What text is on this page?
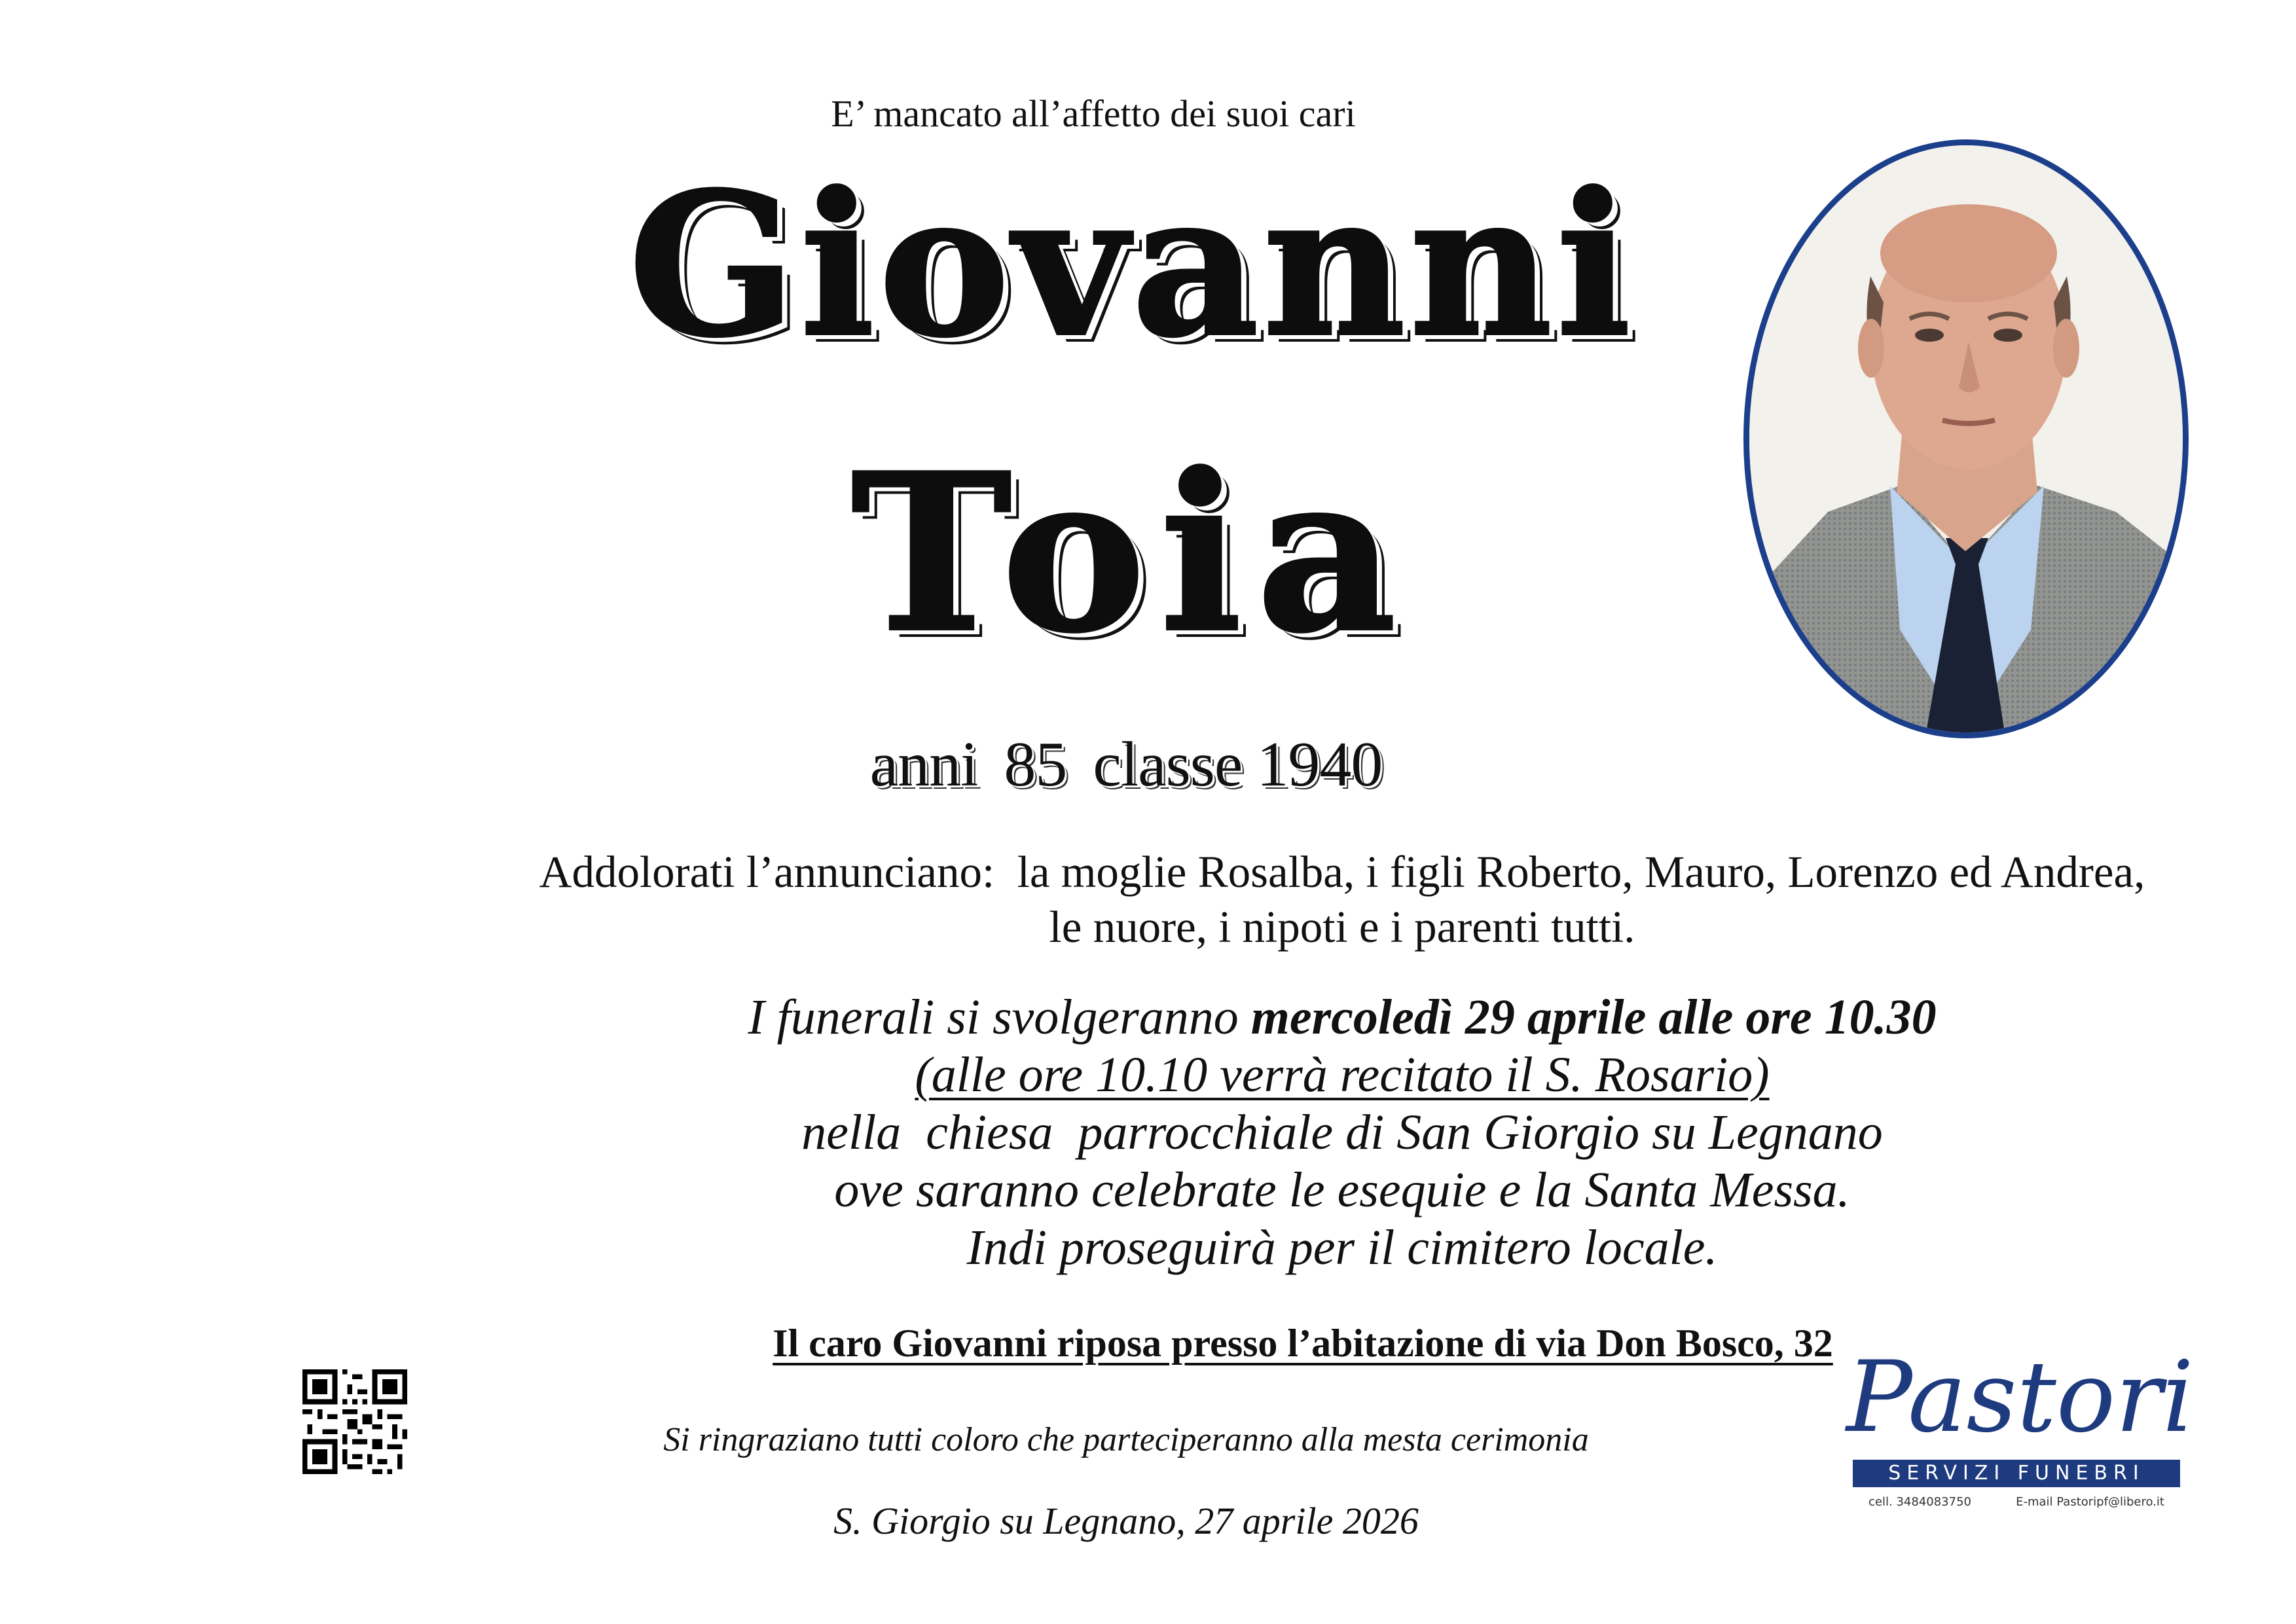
E’ mancato all’affetto dei suoi cari
Giovanni
Toia
anni 85 classe 1940
Addolorati l’annunciano:  la moglie Rosalba, i figli Roberto, Mauro, Lorenzo ed Andrea,
le nuore, i nipoti e i parenti tutti.
I funerali si svolgeranno mercoledì 29 aprile alle ore 10.30
(alle ore 10.10 verrà recitato il S. Rosario)
nella  chiesa  parrocchiale di San Giorgio su Legnano
ove saranno celebrate le esequie e la Santa Messa.
Indi proseguirà per il cimitero locale.
Il caro Giovanni riposa presso l’abitazione di via Don Bosco, 32
Si ringraziano tutti coloro che parteciperanno alla mesta cerimonia
S. Giorgio su Legnano, 27 aprile 2026
Pastori
SERVIZI FUNEBRI
cell. 3484083750	E-mail Pastoripf@libero.it
